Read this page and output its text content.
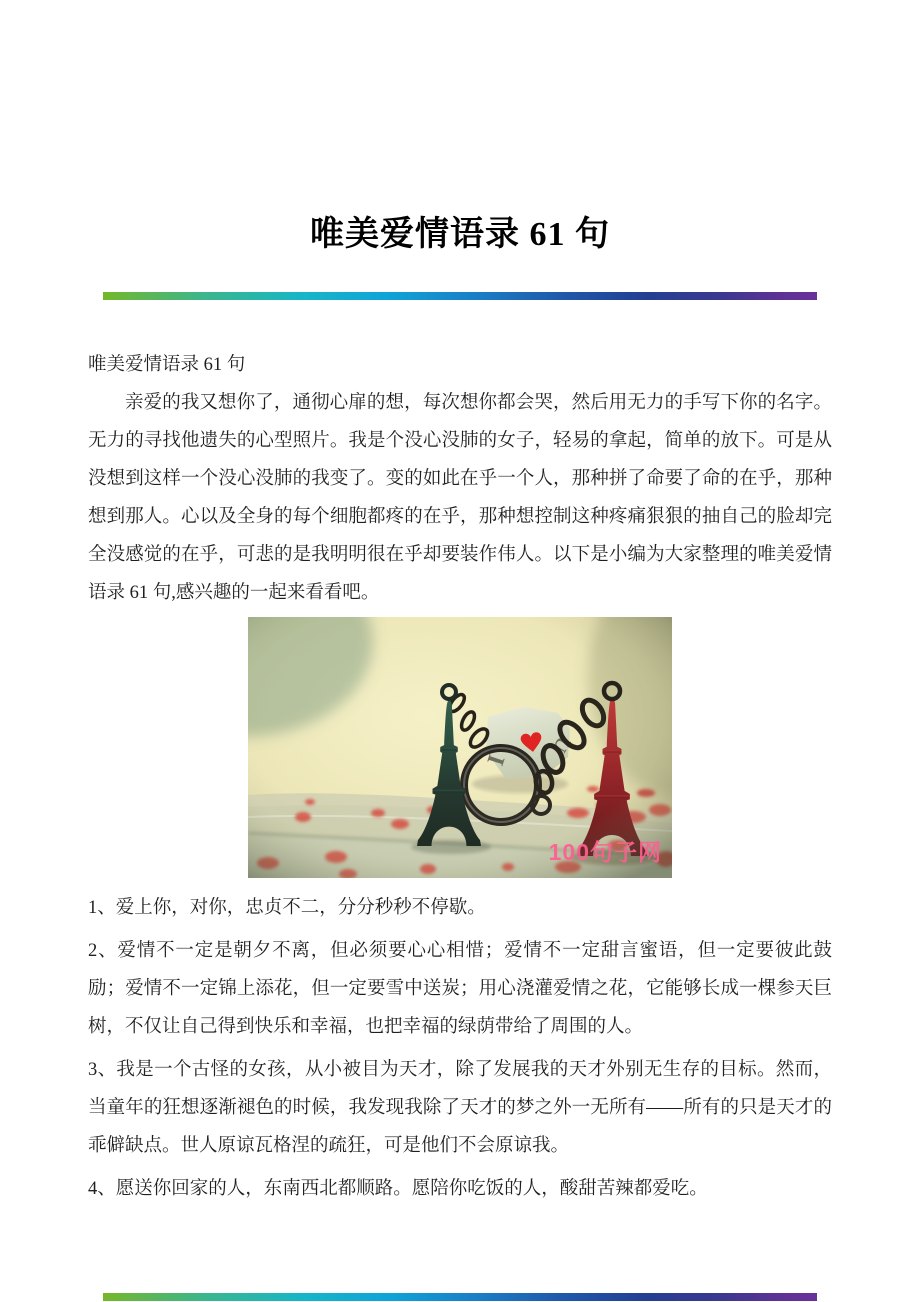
唯美爱情语录 61 句

唯美爱情语录 61 句

亲爱的我又想你了，通彻心扉的想，每次想你都会哭，然后用无力的手写下你的名字。无力的寻找他遗失的心型照片。我是个没心没肺的女子，轻易的拿起，简单的放下。可是从没想到这样一个没心没肺的我变了。变的如此在乎一个人，那种拼了命要了命的在乎，那种想到那人。心以及全身的每个细胞都疼的在乎，那种想控制这种疼痛狠狠的抽自己的脸却完全没感觉的在乎，可悲的是我明明很在乎却要装作伟人。以下是小编为大家整理的唯美爱情语录 61 句,感兴趣的一起来看看吧。

100句子网

1、爱上你，对你，忠贞不二，分分秒秒不停歇。

2、爱情不一定是朝夕不离，但必须要心心相惜；爱情不一定甜言蜜语，但一定要彼此鼓励；爱情不一定锦上添花，但一定要雪中送炭；用心浇灌爱情之花，它能够长成一棵参天巨树，不仅让自己得到快乐和幸福，也把幸福的绿荫带给了周围的人。

3、我是一个古怪的女孩，从小被目为天才，除了发展我的天才外别无生存的目标。然而，当童年的狂想逐渐褪色的时候，我发现我除了天才的梦之外一无所有——所有的只是天才的乖僻缺点。世人原谅瓦格涅的疏狂，可是他们不会原谅我。

4、愿送你回家的人，东南西北都顺路。愿陪你吃饭的人，酸甜苦辣都爱吃。
